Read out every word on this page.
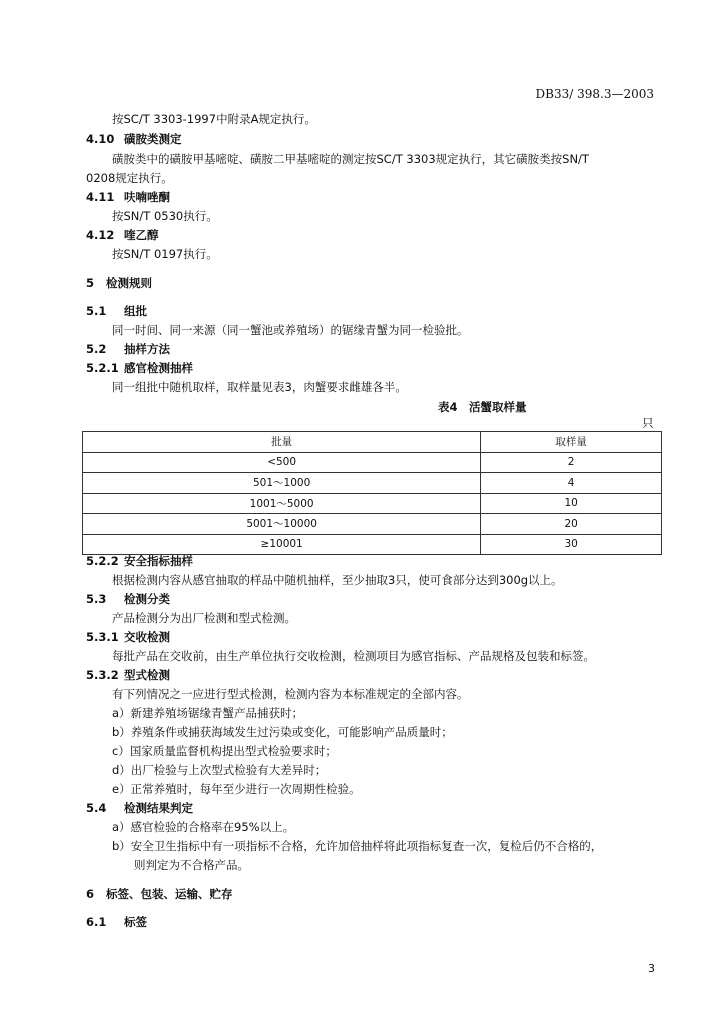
DB33/ 398.3—2003
按SC/T 3303-1997中附录A规定执行。
4.10 磺胺类测定
磺胺类中的磺胺甲基嘧啶、磺胺二甲基嘧啶的测定按SC/T 3303规定执行，其它磺胺类按SN/T
0208规定执行。
4.11 呋喃唑酮
按SN/T 0530执行。
4.12 喹乙醇
按SN/T 0197执行。
5 检测规则
5.1 组批
同一时间、同一来源（同一蟹池或养殖场）的锯缘青蟹为同一检验批。
5.2 抽样方法
5.2.1 感官检测抽样
同一组批中随机取样，取样量见表3，肉蟹要求雌雄各半。
表4　活蟹取样量
只
批量	取样量
<500	2
501～1000	4
1001～5000	10
5001～10000	20
≥10001	30
5.2.2 安全指标抽样
根据检测内容从感官抽取的样品中随机抽样，至少抽取3只，使可食部分达到300g以上。
5.3 检测分类
产品检测分为出厂检测和型式检测。
5.3.1 交收检测
每批产品在交收前，由生产单位执行交收检测，检测项目为感官指标、产品规格及包装和标签。
5.3.2 型式检测
有下列情况之一应进行型式检测，检测内容为本标准规定的全部内容。
a）新建养殖场锯缘青蟹产品捕获时；
b）养殖条件或捕获海域发生过污染或变化，可能影响产品质量时；
c）国家质量监督机构提出型式检验要求时；
d）出厂检验与上次型式检验有大差异时；
e）正常养殖时，每年至少进行一次周期性检验。
5.4 检测结果判定
a）感官检验的合格率在95%以上。
b）安全卫生指标中有一项指标不合格，允许加倍抽样将此项指标复查一次，复检后仍不合格的，
则判定为不合格产品。
6 标签、包装、运输、贮存
6.1 标签
3
